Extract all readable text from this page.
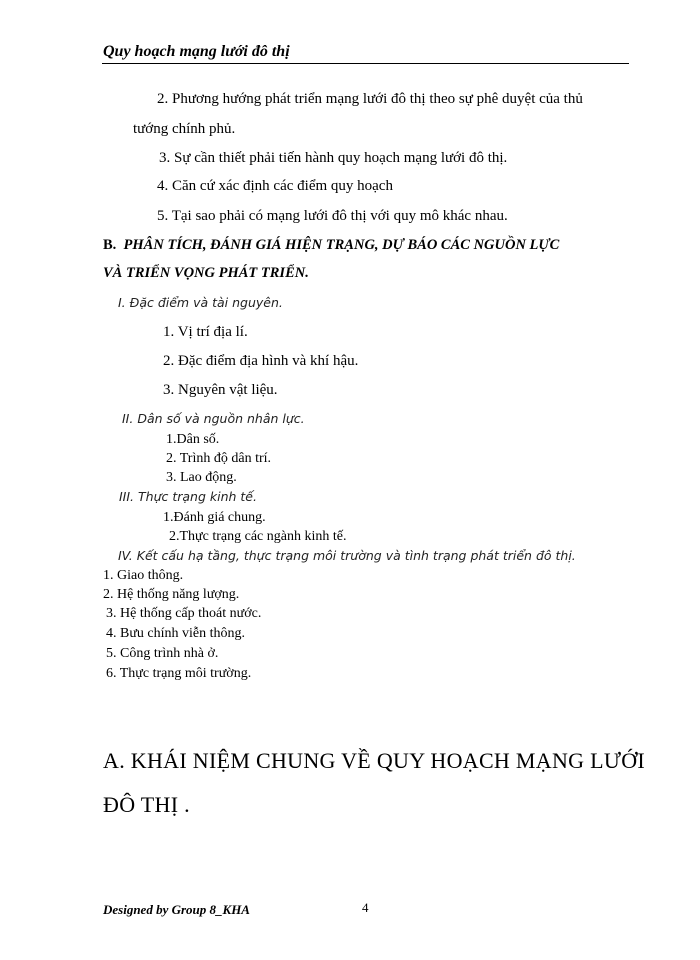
Quy hoạch mạng lưới đô thị
2. Phương hướng phát triển mạng lưới đô thị theo sự phê duyệt của thủ
tướng chính phủ.
3. Sự cần thiết phải tiến hành quy hoạch mạng lưới đô thị.
4. Căn cứ xác định các điểm quy hoạch
5. Tại sao phải có mạng lưới đô thị với quy mô khác nhau.
B. PHÂN TÍCH, ĐÁNH GIÁ HIỆN TRẠNG, DỰ BÁO CÁC NGUỒN LỰC
VÀ TRIỂN VỌNG PHÁT TRIỂN.
I. Đặc điểm và tài nguyên.
1. Vị trí địa lí.
2. Đặc điểm địa hình và khí hậu.
3. Nguyên vật liệu.
II. Dân số và nguồn nhân lực.
1.Dân số.
2. Trình độ dân trí.
3. Lao động.
III. Thực trạng kinh tế.
1.Đánh giá chung.
2.Thực trạng các ngành kinh tế.
IV. Kết cấu hạ tầng, thực trạng môi trường và tình trạng phát triển đô thị.
1. Giao thông.
2. Hệ thống năng lượng.
3. Hệ thống cấp thoát nước.
4. Bưu chính viễn thông.
5. Công trình nhà ở.
6. Thực trạng môi trường.
A. KHÁI NIỆM CHUNG VỀ QUY HOẠCH MẠNG LƯỚI
ĐÔ THỊ .
Designed by Group 8_KHA	4
